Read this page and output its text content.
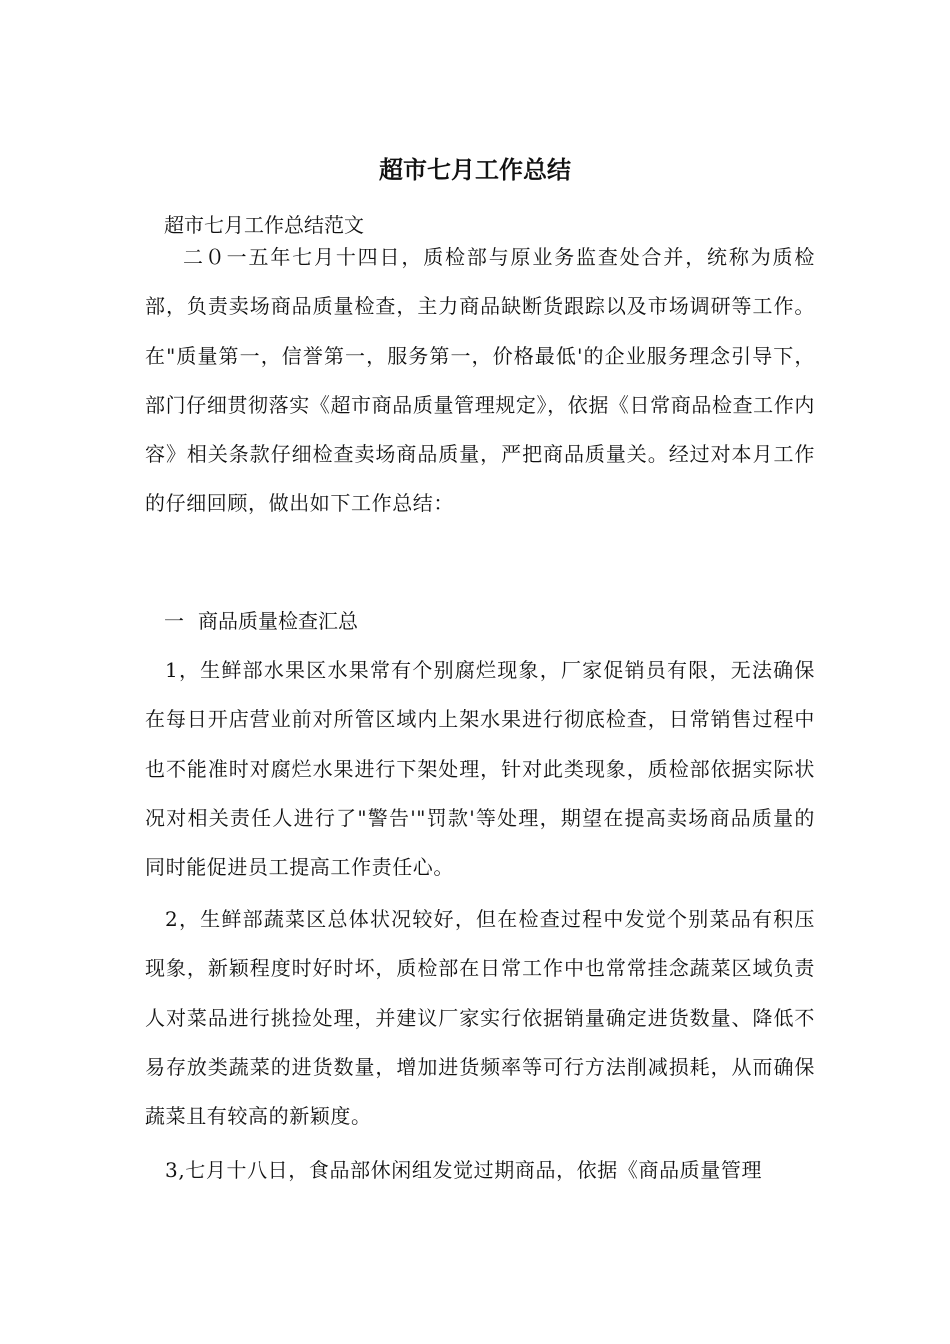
超市七月工作总结

超市七月工作总结范文

二０一五年七月十四日，质检部与原业务监查处合并，统称为质检部，负责卖场商品质量检查，主力商品缺断货跟踪以及市场调研等工作。在"质量第一，信誉第一，服务第一，价格最低'的企业服务理念引导下，部门仔细贯彻落实《超市商品质量管理规定》，依据《日常商品检查工作内容》相关条款仔细检查卖场商品质量，严把商品质量关。经过对本月工作的仔细回顾，做出如下工作总结：

一 商品质量检查汇总

1，生鲜部水果区水果常有个别腐烂现象，厂家促销员有限，无法确保在每日开店营业前对所管区域内上架水果进行彻底检查，日常销售过程中也不能准时对腐烂水果进行下架处理，针对此类现象，质检部依据实际状况对相关责任人进行了"警告'"罚款'等处理，期望在提高卖场商品质量的同时能促进员工提高工作责任心。

2，生鲜部蔬菜区总体状况较好，但在检查过程中发觉个别菜品有积压现象，新颖程度时好时坏，质检部在日常工作中也常常挂念蔬菜区域负责人对菜品进行挑捡处理，并建议厂家实行依据销量确定进货数量、降低不易存放类蔬菜的进货数量，增加进货频率等可行方法削减损耗，从而确保蔬菜且有较高的新颖度。

3,七月十八日，食品部休闲组发觉过期商品，依据《商品质量管理
